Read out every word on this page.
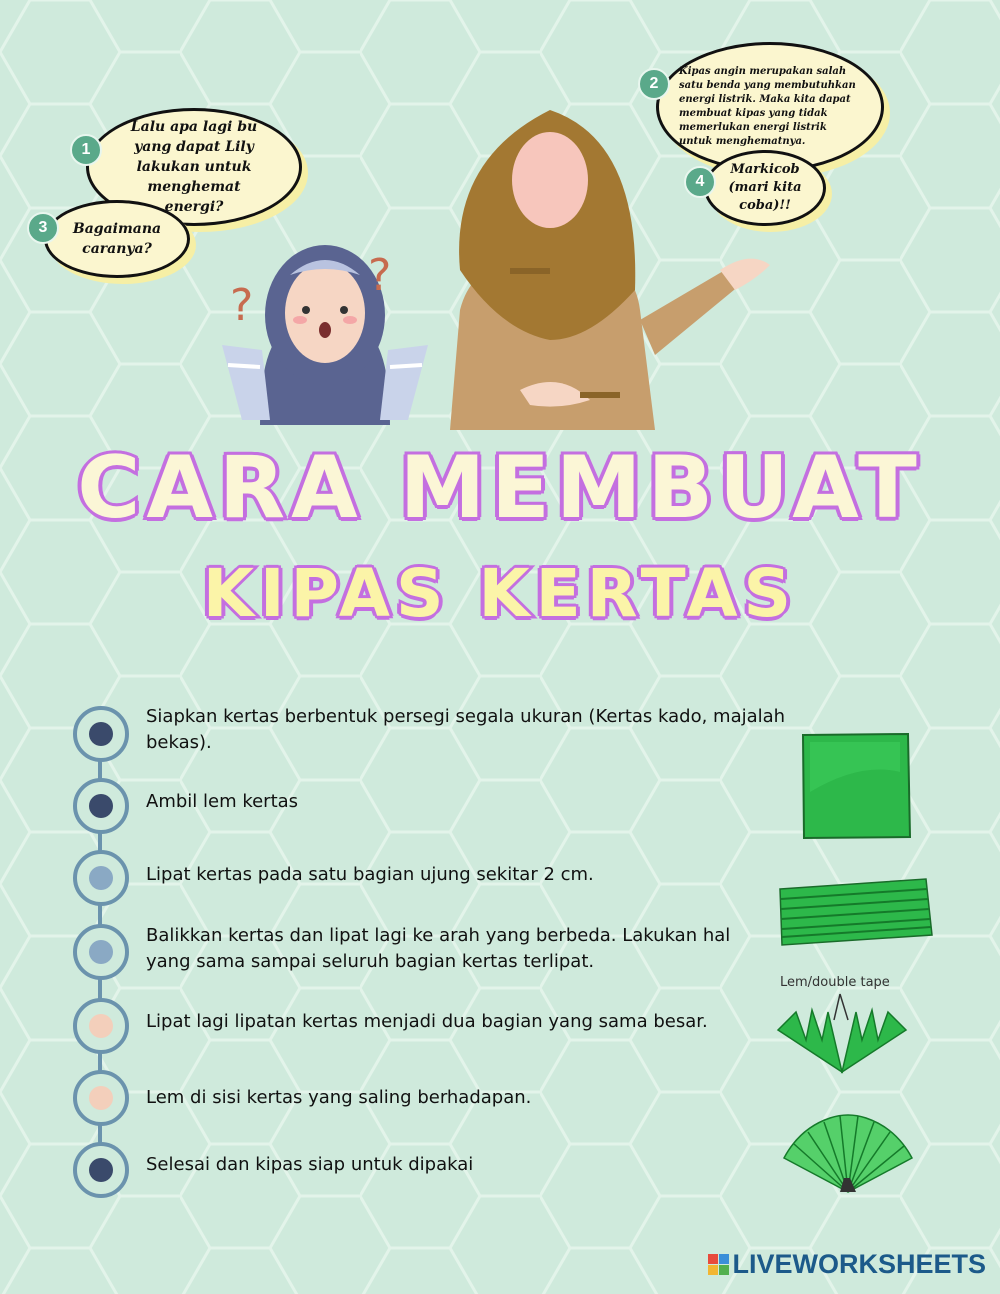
?
?
Lalu apa lagi bu yang dapat Lily lakukan untuk menghemat energi?
1
Bagaimana caranya?
3
Kipas angin merupakan salah satu benda yang membutuhkan energi listrik. Maka kita dapat membuat kipas yang tidak memerlukan energi listrik untuk menghematnya.
2
Markicob (mari kita coba)!!
4
CARA MEMBUAT
KIPAS KERTAS
Siapkan kertas berbentuk persegi segala ukuran (Kertas kado, majalah bekas).
Ambil lem kertas
Lipat kertas pada satu bagian ujung sekitar 2 cm.
Balikkan kertas dan lipat lagi ke arah yang berbeda. Lakukan hal yang sama sampai seluruh bagian kertas terlipat.
Lipat lagi lipatan kertas menjadi dua bagian yang sama besar.
Lem di sisi kertas yang saling berhadapan.
Selesai dan kipas siap untuk dipakai
Lem/double tape
LIVEWORKSHEETS
